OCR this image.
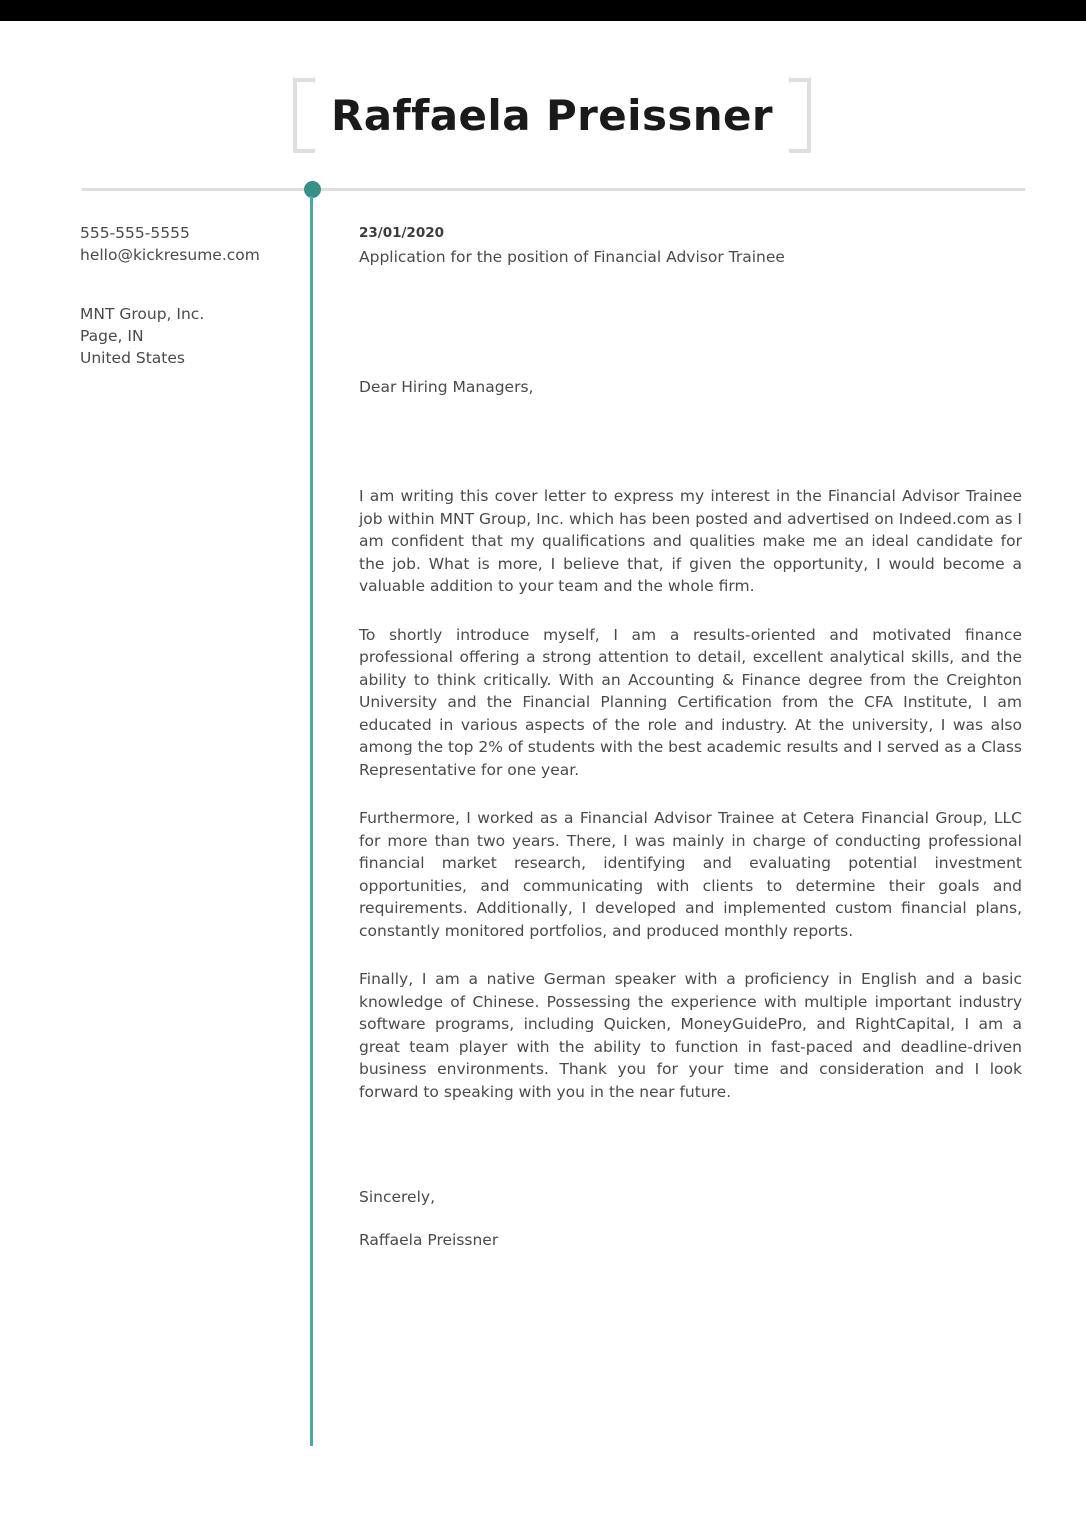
Raffaela Preissner
555-555-5555
hello@kickresume.com
MNT Group, Inc.
Page, IN
United States
23/01/2020
Application for the position of Financial Advisor Trainee
Dear Hiring Managers,

I am writing this cover letter to express my interest in the Financial Advisor Trainee job within MNT Group, Inc. which has been posted and advertised on Indeed.com as I am confident that my qualifications and qualities make me an ideal candidate for the job. What is more, I believe that, if given the opportunity, I would become a valuable addition to your team and the whole firm.

To shortly introduce myself, I am a results-oriented and motivated finance professional offering a strong attention to detail, excellent analytical skills, and the ability to think critically. With an Accounting & Finance degree from the Creighton University and the Financial Planning Certification from the CFA Institute, I am educated in various aspects of the role and industry. At the university, I was also among the top 2% of students with the best academic results and I served as a Class Representative for one year.

Furthermore, I worked as a Financial Advisor Trainee at Cetera Financial Group, LLC for more than two years. There, I was mainly in charge of conducting professional financial market research, identifying and evaluating potential investment opportunities, and communicating with clients to determine their goals and requirements. Additionally, I developed and implemented custom financial plans, constantly monitored portfolios, and produced monthly reports.

Finally, I am a native German speaker with a proficiency in English and a basic knowledge of Chinese. Possessing the experience with multiple important industry software programs, including Quicken, MoneyGuidePro, and RightCapital, I am a great team player with the ability to function in fast-paced and deadline-driven business environments. Thank you for your time and consideration and I look forward to speaking with you in the near future.

Sincerely,
Raffaela Preissner
